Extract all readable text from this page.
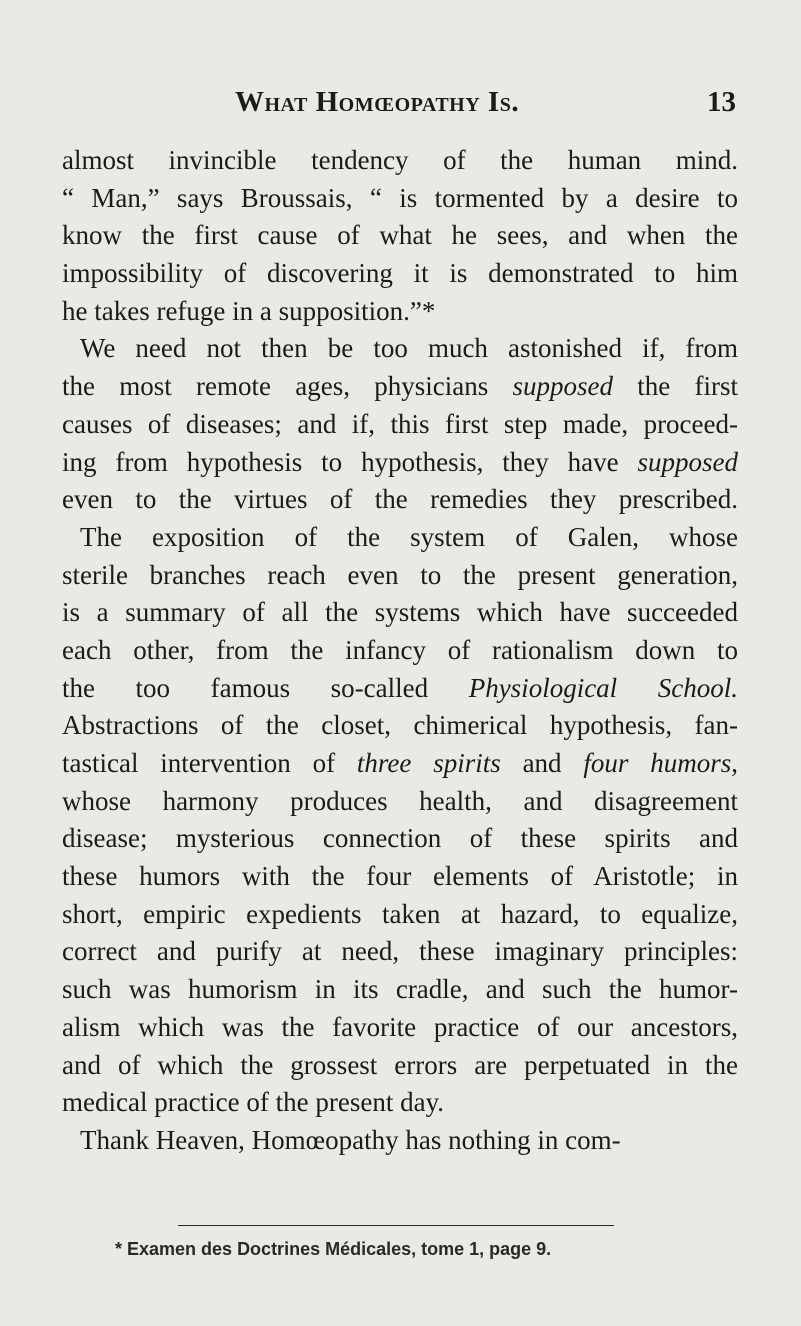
What Homœopathy Is.	13
almost invincible tendency of the human mind.
“ Man,” says Broussais, “ is tormented by a desire to
know the first cause of what he sees, and when the
impossibility of discovering it is demonstrated to him
he takes refuge in a supposition.”*
We need not then be too much astonished if, from
the most remote ages, physicians supposed the first
causes of diseases; and if, this first step made, proceed-
ing from hypothesis to hypothesis, they have supposed
even to the virtues of the remedies they prescribed.
The exposition of the system of Galen, whose
sterile branches reach even to the present generation,
is a summary of all the systems which have succeeded
each other, from the infancy of rationalism down to
the too famous so-called Physiological School.
Abstractions of the closet, chimerical hypothesis, fan-
tastical intervention of three spirits and four humors,
whose harmony produces health, and disagreement
disease; mysterious connection of these spirits and
these humors with the four elements of Aristotle; in
short, empiric expedients taken at hazard, to equalize,
correct and purify at need, these imaginary principles:
such was humorism in its cradle, and such the humor-
alism which was the favorite practice of our ancestors,
and of which the grossest errors are perpetuated in the
medical practice of the present day.
Thank Heaven, Homœopathy has nothing in com-
* Examen des Doctrines Médicales, tome 1, page 9.
